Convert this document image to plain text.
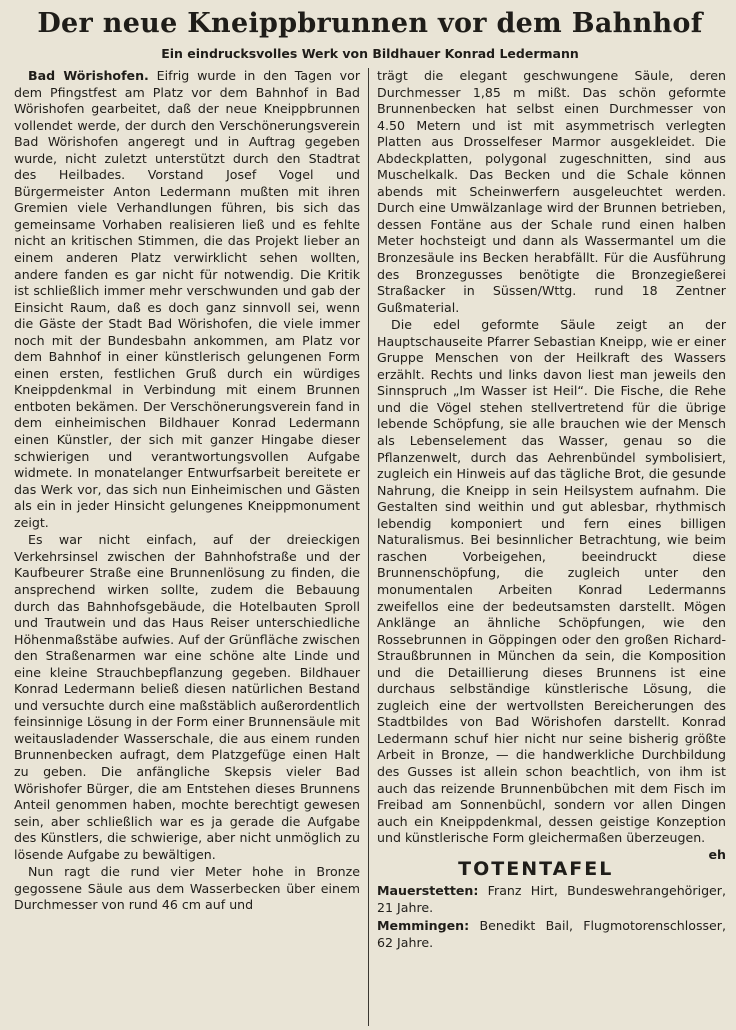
Der neue Kneippbrunnen vor dem Bahnhof
Ein eindrucksvolles Werk von Bildhauer Konrad Ledermann

Bad Wörishofen. Eifrig wurde in den Tagen vor dem Pfingstfest am Platz vor dem Bahnhof in Bad Wörishofen gearbeitet, daß der neue Kneippbrunnen vollendet werde, der durch den Verschönerungsverein Bad Wörishofen angeregt und in Auftrag gegeben wurde, nicht zuletzt unterstützt durch den Stadtrat des Heilbades. Vorstand Josef Vogel und Bürgermeister Anton Ledermann mußten mit ihren Gremien viele Verhandlungen führen, bis sich das gemeinsame Vorhaben realisieren ließ und es fehlte nicht an kritischen Stimmen, die das Projekt lieber an einem anderen Platz verwirklicht sehen wollten, andere fanden es gar nicht für notwendig. Die Kritik ist schließlich immer mehr verschwunden und gab der Einsicht Raum, daß es doch ganz sinnvoll sei, wenn die Gäste der Stadt Bad Wörishofen, die viele immer noch mit der Bundesbahn ankommen, am Platz vor dem Bahnhof in einer künstlerisch gelungenen Form einen ersten, festlichen Gruß durch ein würdiges Kneippdenkmal in Verbindung mit einem Brunnen entboten bekämen. Der Verschönerungsverein fand in dem einheimischen Bildhauer Konrad Ledermann einen Künstler, der sich mit ganzer Hingabe dieser schwierigen und verantwortungsvollen Aufgabe widmete. In monatelanger Entwurfsarbeit bereitete er das Werk vor, das sich nun Einheimischen und Gästen als ein in jeder Hinsicht gelungenes Kneippmonument zeigt.

Es war nicht einfach, auf der dreieckigen Verkehrsinsel zwischen der Bahnhofstraße und der Kaufbeurer Straße eine Brunnenlösung zu finden, die ansprechend wirken sollte, zudem die Bebauung durch das Bahnhofsgebäude, die Hotelbauten Sproll und Trautwein und das Haus Reiser unterschiedliche Höhenmaßstäbe aufwies. Auf der Grünfläche zwischen den Straßenarmen war eine schöne alte Linde und eine kleine Strauchbepflanzung gegeben. Bildhauer Konrad Ledermann beließ diesen natürlichen Bestand und versuchte durch eine maßstäblich außerordentlich feinsinnige Lösung in der Form einer Brunnensäule mit weitausladender Wasserschale, die aus einem runden Brunnenbecken aufragt, dem Platzgefüge einen Halt zu geben. Die anfängliche Skepsis vieler Bad Wörishofer Bürger, die am Entstehen dieses Brunnens Anteil genommen haben, mochte berechtigt gewesen sein, aber schließlich war es ja gerade die Aufgabe des Künstlers, die schwierige, aber nicht unmöglich zu lösende Aufgabe zu bewältigen.

Nun ragt die rund vier Meter hohe in Bronze gegossene Säule aus dem Wasserbecken über einem Durchmesser von rund 46 cm auf und

trägt die elegant geschwungene Säule, deren Durchmesser 1,85 m mißt. Das schön geformte Brunnenbecken hat selbst einen Durchmesser von 4.50 Metern und ist mit asymmetrisch verlegten Platten aus Drosselfeser Marmor ausgekleidet. Die Abdeckplatten, polygonal zugeschnitten, sind aus Muschelkalk. Das Becken und die Schale können abends mit Scheinwerfern ausgeleuchtet werden. Durch eine Umwälzanlage wird der Brunnen betrieben, dessen Fontäne aus der Schale rund einen halben Meter hochsteigt und dann als Wassermantel um die Bronzesäule ins Becken herabfällt. Für die Ausführung des Bronzegusses benötigte die Bronzegießerei Straßacker in Süssen/Wttg. rund 18 Zentner Gußmaterial.

Die edel geformte Säule zeigt an der Hauptschauseite Pfarrer Sebastian Kneipp, wie er einer Gruppe Menschen von der Heilkraft des Wassers erzählt. Rechts und links davon liest man jeweils den Sinnspruch „Im Wasser ist Heil“. Die Fische, die Rehe und die Vögel stehen stellvertretend für die übrige lebende Schöpfung, sie alle brauchen wie der Mensch als Lebenselement das Wasser, genau so die Pflanzenwelt, durch das Aehrenbündel symbolisiert, zugleich ein Hinweis auf das tägliche Brot, die gesunde Nahrung, die Kneipp in sein Heilsystem aufnahm. Die Gestalten sind weithin und gut ablesbar, rhythmisch lebendig komponiert und fern eines billigen Naturalismus. Bei besinnlicher Betrachtung, wie beim raschen Vorbeigehen, beeindruckt diese Brunnenschöpfung, die zugleich unter den monumentalen Arbeiten Konrad Ledermanns zweifellos eine der bedeutsamsten darstellt. Mögen Anklänge an ähnliche Schöpfungen, wie den Rossebrunnen in Göppingen oder den großen Richard-Straußbrunnen in München da sein, die Komposition und die Detaillierung dieses Brunnens ist eine durchaus selbständige künstlerische Lösung, die zugleich eine der wertvollsten Bereicherungen des Stadtbildes von Bad Wörishofen darstellt. Konrad Ledermann schuf hier nicht nur seine bisherig größte Arbeit in Bronze, — die handwerkliche Durchbildung des Gusses ist allein schon beachtlich, von ihm ist auch das reizende Brunnenbübchen mit dem Fisch im Freibad am Sonnenbüchl, sondern vor allen Dingen auch ein Kneippdenkmal, dessen geistige Konzeption und künstlerische Form gleichermaßen überzeugen.
eh

TOTENTAFEL

Mauerstetten: Franz Hirt, Bundeswehrangehöriger, 21 Jahre.

Memmingen: Benedikt Bail, Flugmotorenschlosser, 62 Jahre.
